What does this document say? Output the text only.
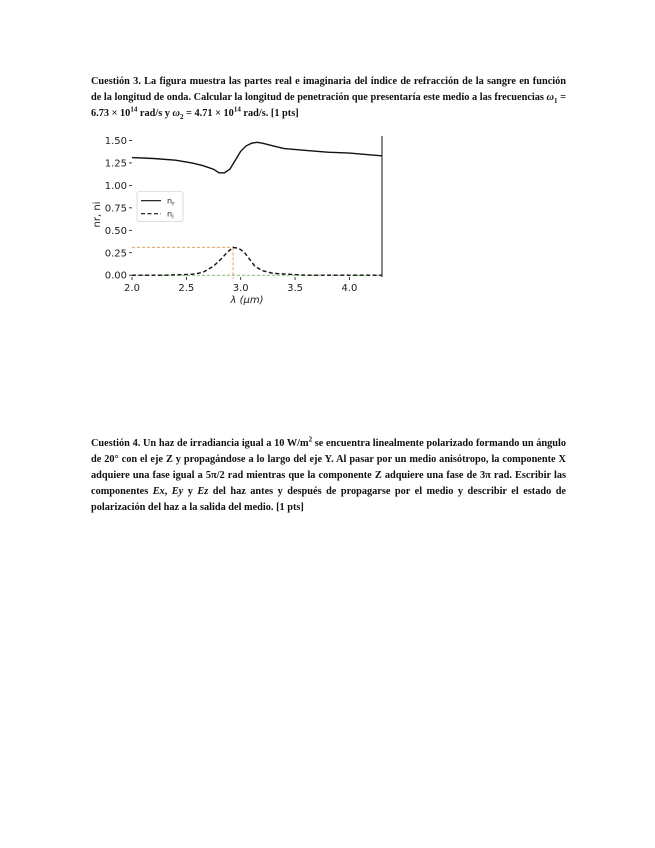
Cuestión 3. La figura muestra las partes real e imaginaria del índice de refracción de la sangre en función de la longitud de onda. Calcular la longitud de penetración que presentaría este medio a las frecuencias $\omega_1 = 6.73 \times 10^{14}$ rad/s y $\omega_2 = 4.71 \times 10^{14}$ rad/s. [1 pts]
0.00
0.25
0.50
0.75
1.00
1.25
1.50
2.0	2.5	3.0	3.5	4.0
λ (μm)
nr, ni
$n_r$
$n_i$
Cuestión 4. Un haz de irradiancia igual a 10 $W/m^2$ se encuentra linealmente polarizado formando un ángulo de 20° con el eje Z y propagándose a lo largo del eje Y. Al pasar por un medio anisótropo, la componente X adquiere una fase igual a 5π/2 rad mientras que la componente Z adquiere una fase de 3π rad. Escribir las componentes Ex, Ey y Ez del haz antes y después de propagarse por el medio y describir el estado de polarización del haz a la salida del medio. [1 pts]
